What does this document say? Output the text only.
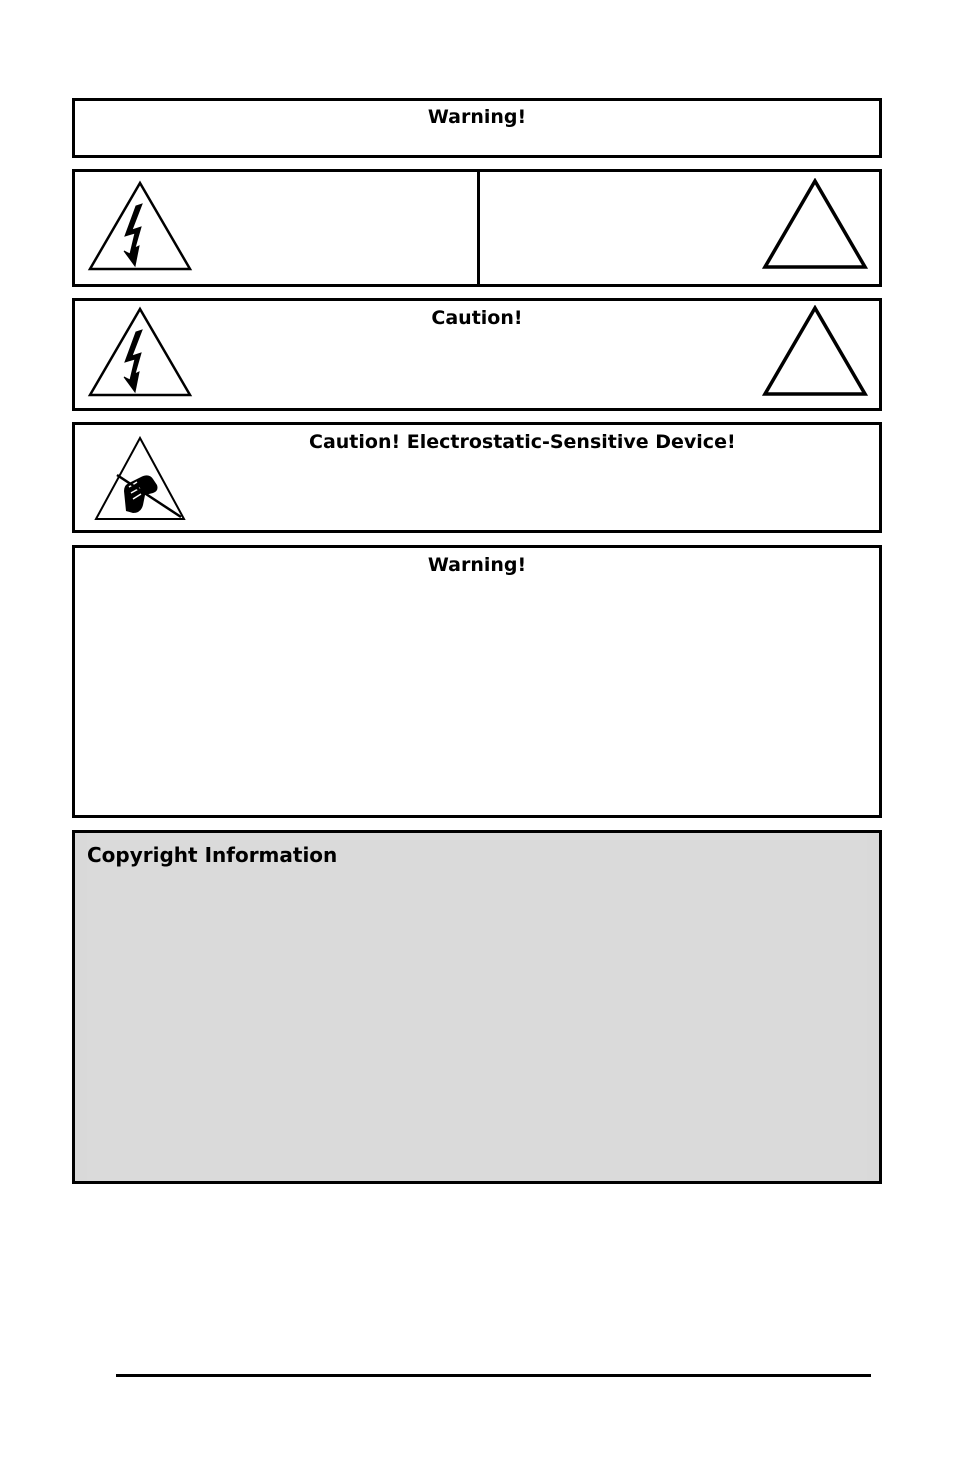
Warning!
Caution!
Caution! Electrostatic-Sensitive Device!
Warning!
Copyright Information
